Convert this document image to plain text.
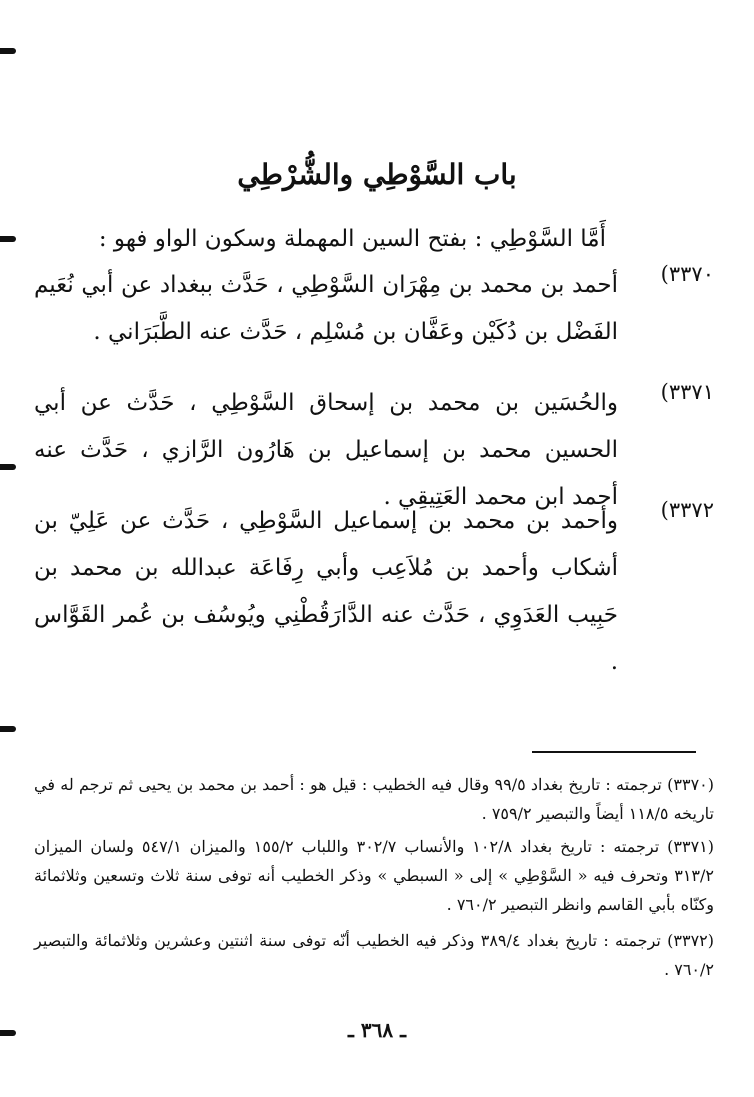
باب السَّوْطِي والشُّرْطِي
أَمَّا السَّوْطِي : بفتح السين المهملة وسكون الواو فهو :
(٣٣٧٠
أحمد بن محمد بن مِهْرَان السَّوْطِي ، حَدَّث ببغداد عن أبي نُعَيم الفَضْل بن دُكَيْن وعَفَّان بن مُسْلِم ، حَدَّث عنه الطَّبَرَاني .
(٣٣٧١
والحُسَين بن محمد بن إسحاق السَّوْطِي ، حَدَّث عن أبي الحسين محمد بن إسماعيل بن هَارُون الرَّازي ، حَدَّث عنه أحمد ابن محمد العَتِيقِي . (٣٣٧٢
وأحمد بن محمد بن إسماعيل السَّوْطِي ، حَدَّث عن عَلِيّ بن أشكاب وأحمد بن مُلاَعِب وأبي رِفَاعَة عبدالله بن محمد بن حَبِيب العَدَوِي ، حَدَّث عنه الدَّارَقُطْنِي ويُوسُف بن عُمر القَوَّاس .
(٣٣٧٠) ترجمته : تاريخ بغداد ٩٩/٥ وقال فيه الخطيب : قيل هو : أحمد بن محمد بن يحيى ثم ترجم له في تاريخه ١١٨/٥ أيضاً والتبصير ٧٥٩/٢ .
(٣٣٧١) ترجمته : تاريخ بغداد ١٠٢/٨ والأنساب ٣٠٢/٧ واللباب ١٥٥/٢ والميزان ٥٤٧/١ ولسان الميزان ٣١٣/٢ وتحرف فيه « السَّوْطِي » إلى « السبطي » وذكر الخطيب أنه توفى سنة ثلاث وتسعين وثلاثمائة وكنّاه بأبي القاسم وانظر التبصير ٧٦٠/٢ .
(٣٣٧٢) ترجمته : تاريخ بغداد ٣٨٩/٤ وذكر فيه الخطيب أنّه توفى سنة اثنتين وعشرين وثلاثمائة والتبصير ٧٦٠/٢ .
ـ ٣٦٨ ـ
